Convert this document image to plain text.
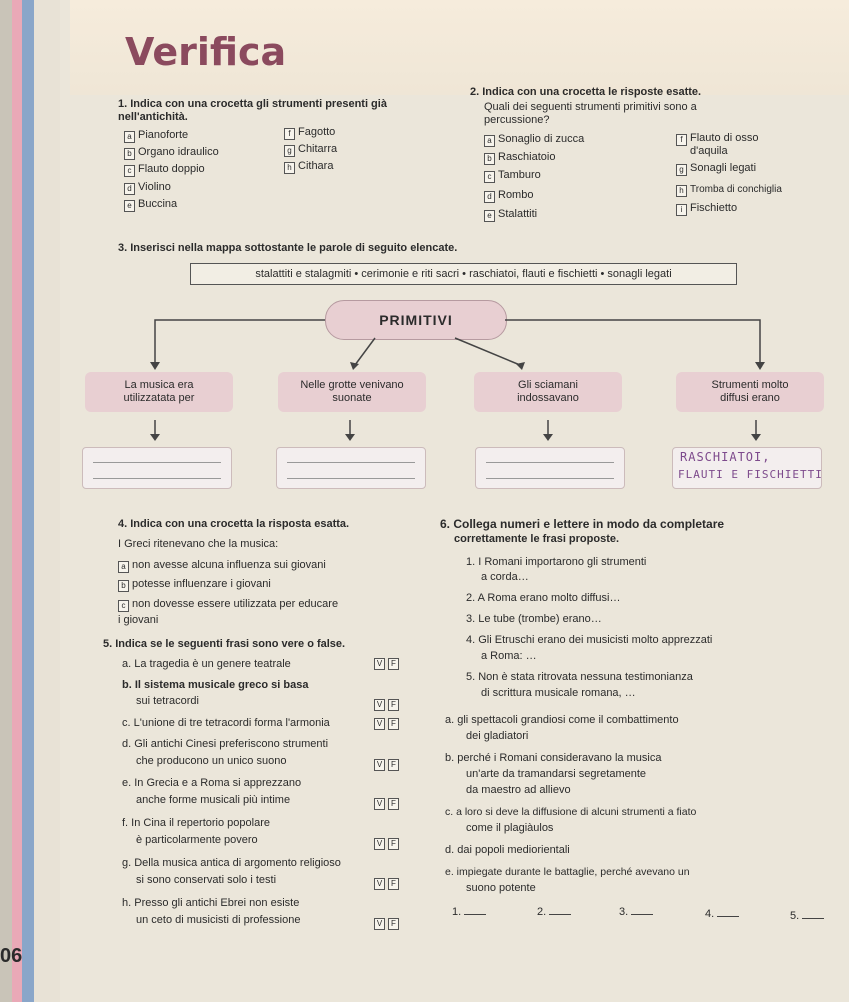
Verifica
1. Indica con una crocetta gli strumenti presenti già
nell'antichità.
a Pianoforte
b Organo idraulico
c Flauto doppio
d Violino
e Buccina
f Fagotto
g Chitarra
h Cithara
2. Indica con una crocetta le risposte esatte.
Quali dei seguenti strumenti primitivi sono a
percussione?
a Sonaglio di zucca
b Raschiatoio
c Tamburo
d Rombo
e Stalattiti
f Flauto di osso
d'aquila
g Sonagli legati
h Tromba di conchiglia
i Fischietto
3. Inserisci nella mappa sottostante le parole di seguito elencate.
stalattiti e stalagmiti • cerimonie e riti sacri • raschiatoi, flauti e fischietti • sonagli legati
PRIMITIVI
La musica era
utilizzatata per
Nelle grotte venivano
suonate
Gli sciamani
indossavano
Strumenti molto
diffusi erano
RASCHIATOI,
FLAUTI E FISCHIETTI
4. Indica con una crocetta la risposta esatta.
I Greci ritenevano che la musica:
a non avesse alcuna influenza sui giovani
b potesse influenzare i giovani
c non dovesse essere utilizzata per educare
i giovani
5. Indica se le seguenti frasi sono vere o false.
a. La tragedia è un genere teatrale	V F
b. Il sistema musicale greco si basa
sui tetracordi	V F
c. L'unione di tre tetracordi forma l'armonia	V F
d. Gli antichi Cinesi preferiscono strumenti
che producono un unico suono	V F
e. In Grecia e a Roma si apprezzano
anche forme musicali più intime	V F
f. In Cina il repertorio popolare
è particolarmente povero	V F
g. Della musica antica di argomento religioso
si sono conservati solo i testi	V F
h. Presso gli antichi Ebrei non esiste
un ceto di musicisti di professione	V F
6. Collega numeri e lettere in modo da completare
correttamente le frasi proposte.
1. I Romani importarono gli strumenti
a corda…
2. A Roma erano molto diffusi…
3. Le tube (trombe) erano…
4. Gli Etruschi erano dei musicisti molto apprezzati
a Roma: …
5. Non è stata ritrovata nessuna testimonianza
di scrittura musicale romana, …
a. gli spettacoli grandiosi come il combattimento
dei gladiatori
b. perché i Romani consideravano la musica
un'arte da tramandarsi segretamente
da maestro ad allievo
c. a loro si deve la diffusione di alcuni strumenti a fiato
come il plagiàulos
d. dai popoli mediorientali
e. impiegate durante le battaglie, perché avevano un
suono potente
1.	2.	3.	4.	5.
06
